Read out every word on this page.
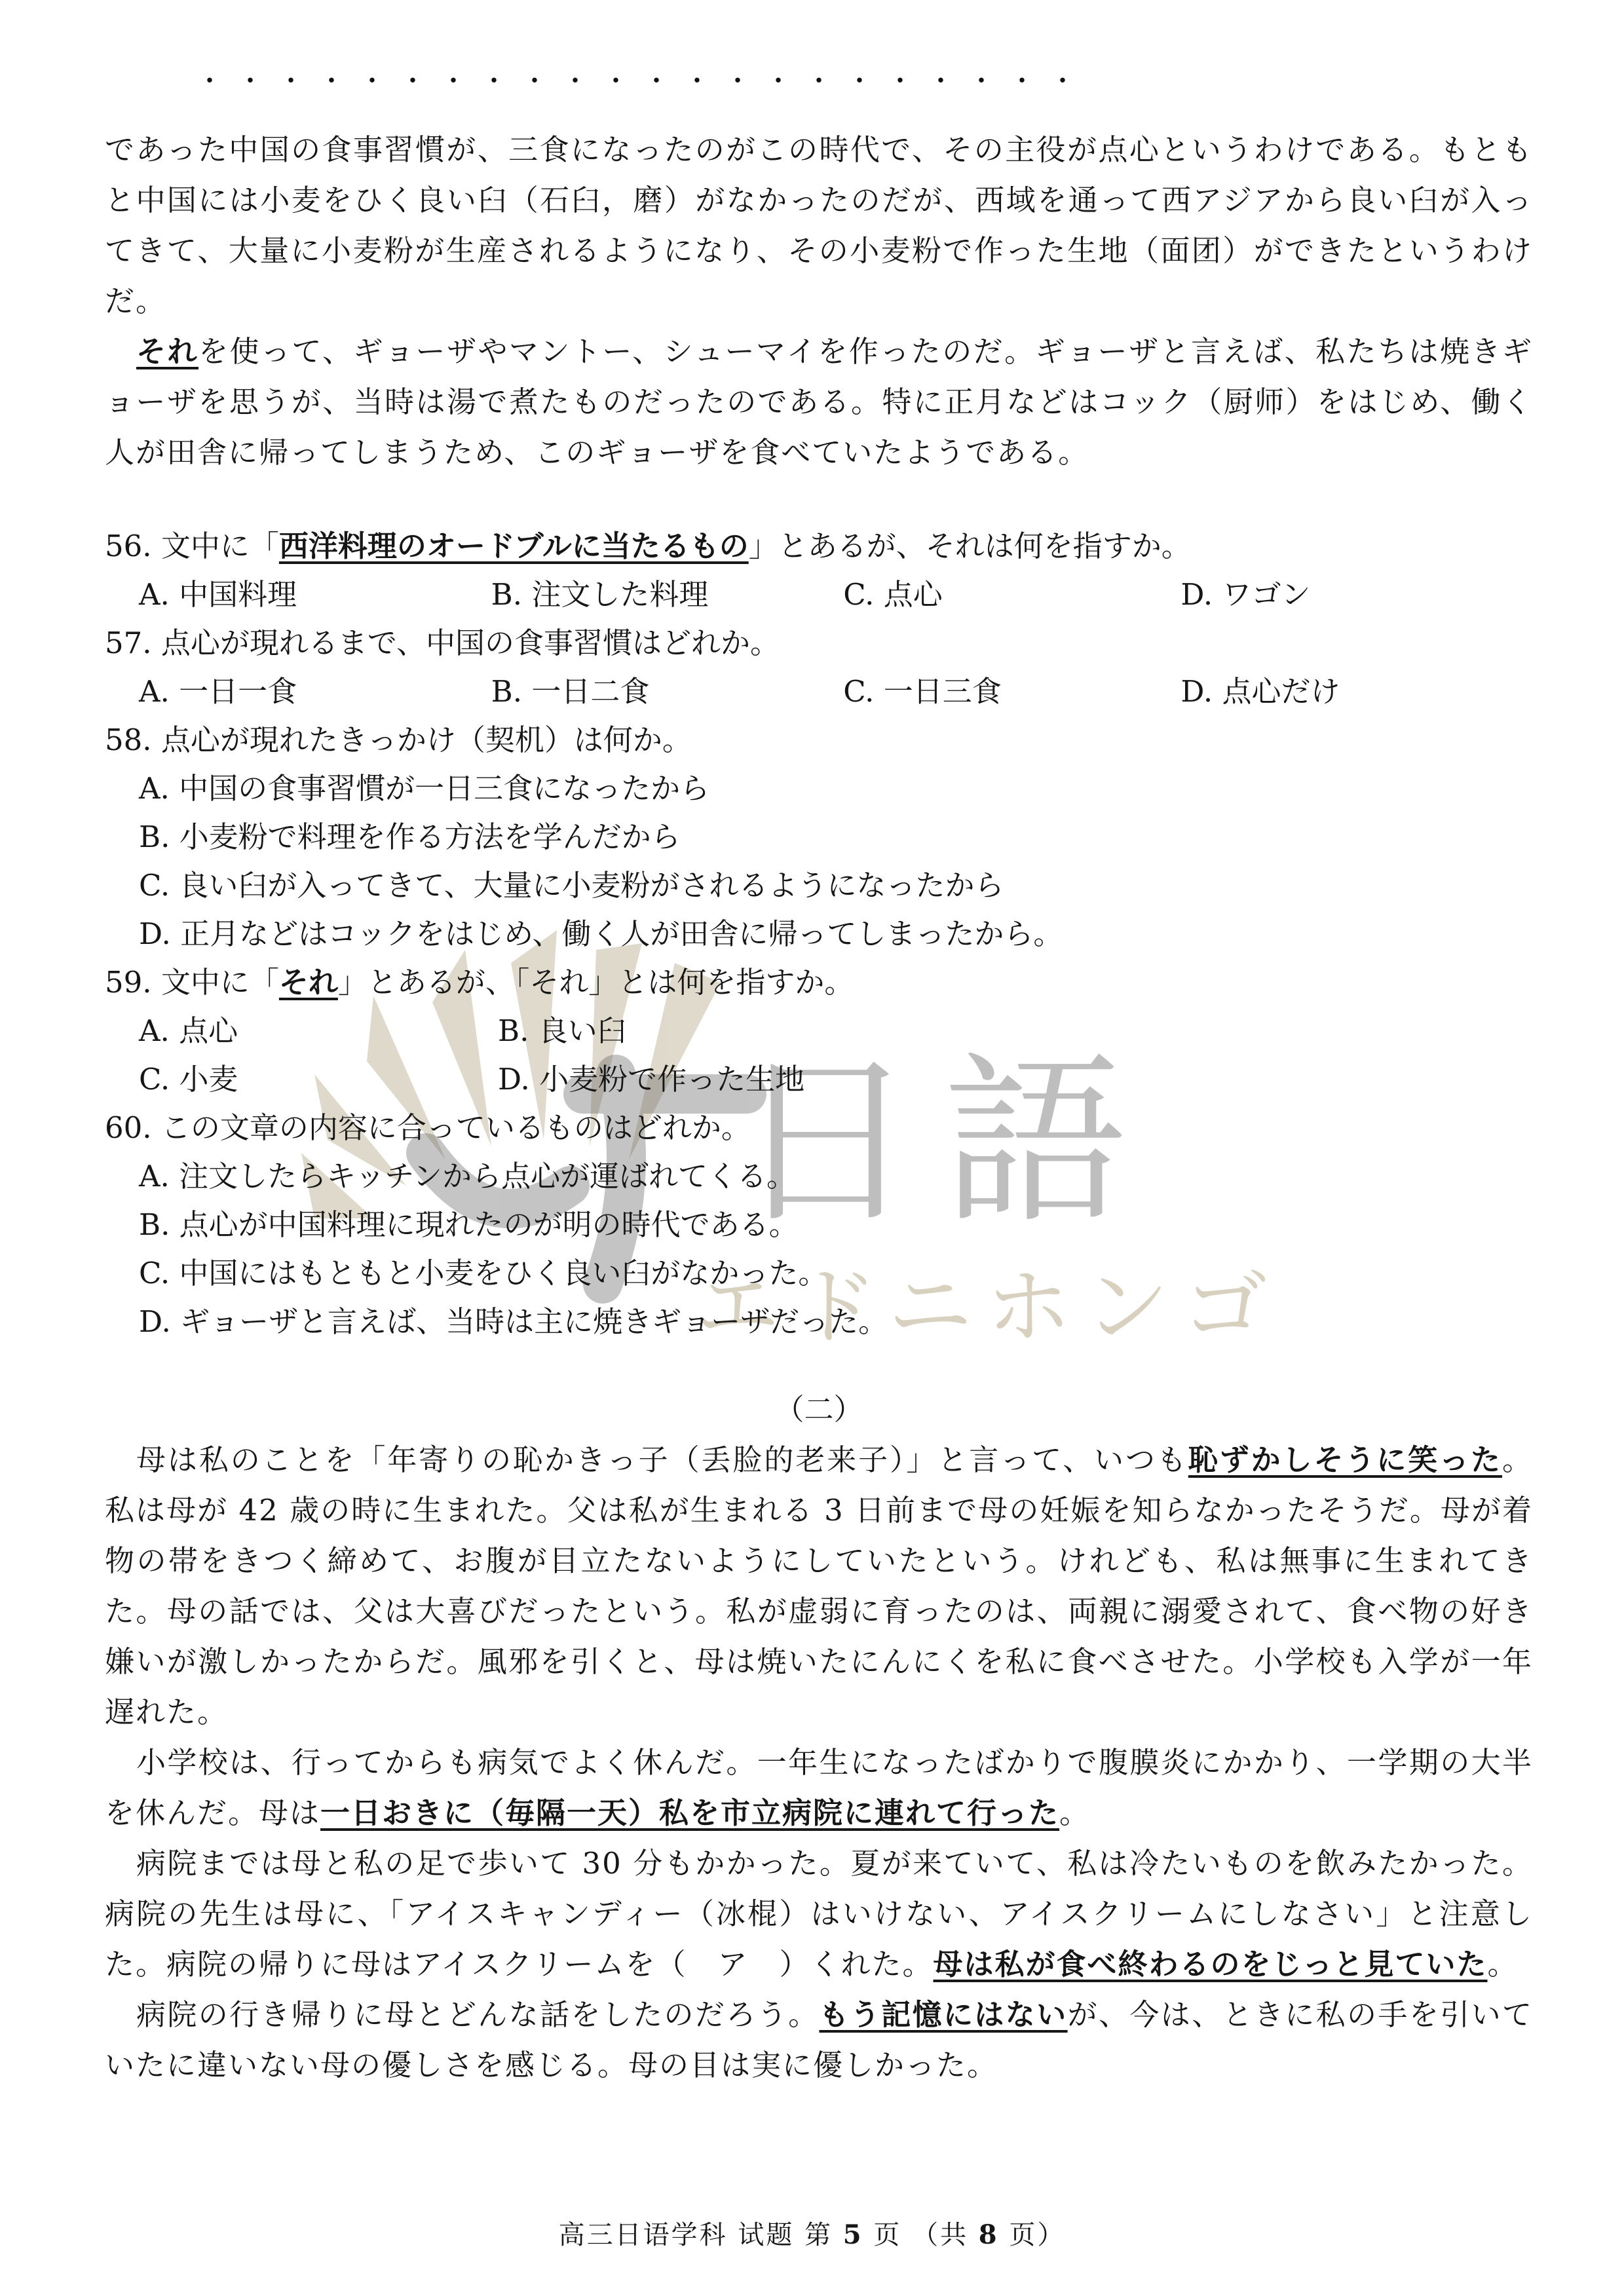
・・・・・・・・・・・・・・・・・・・・・・
日語
エドニホンゴ

であった中国の食事習慣が、三食になったのがこの時代で、その主役が点心というわけである。もともと中国には小麦をひく良い臼（石臼，磨）がなかったのだが、西域を通って西アジアから良い臼が入ってきて、大量に小麦粉が生産されるようになり、その小麦粉で作った生地（面团）ができたというわけだ。

それを使って、ギョーザやマントー、シューマイを作ったのだ。ギョーザと言えば、私たちは焼きギョーザを思うが、当時は湯で煮たものだったのである。特に正月などはコック（厨师）をはじめ、働く人が田舎に帰ってしまうため、このギョーザを食べていたようである。

56. 文中に「西洋料理のオードブルに当たるもの」とあるが、それは何を指すか。

A. 中国料理	B. 注文した料理	C. 点心	D. ワゴン

57. 点心が現れるまで、中国の食事習慣はどれか。

A. 一日一食	B. 一日二食	C. 一日三食	D. 点心だけ

58. 点心が現れたきっかけ（契机）は何か。

A. 中国の食事習慣が一日三食になったから
B. 小麦粉で料理を作る方法を学んだから
C. 良い臼が入ってきて、大量に小麦粉がされるようになったから
D. 正月などはコックをはじめ、働く人が田舎に帰ってしまったから。

59. 文中に「それ」とあるが、「それ」とは何を指すか。

A. 点心	B. 良い臼
C. 小麦	D. 小麦粉で作った生地

60. この文章の内容に合っているものはどれか。

A. 注文したらキッチンから点心が運ばれてくる。
B. 点心が中国料理に現れたのが明の時代である。
C. 中国にはもともと小麦をひく良い臼がなかった。
D. ギョーザと言えば、当時は主に焼きギョーザだった。
（二）

母は私のことを「年寄りの恥かきっ子（丢脸的老来子）」と言って、いつも恥ずかしそうに笑った。私は母が 42 歳の時に生まれた。父は私が生まれる 3 日前まで母の妊娠を知らなかったそうだ。母が着物の帯をきつく締めて、お腹が目立たないようにしていたという。けれども、私は無事に生まれてきた。母の話では、父は大喜びだったという。私が虚弱に育ったのは、両親に溺愛されて、食べ物の好き嫌いが激しかったからだ。風邪を引くと、母は焼いたにんにくを私に食べさせた。小学校も入学が一年遅れた。

小学校は、行ってからも病気でよく休んだ。一年生になったばかりで腹膜炎にかかり、一学期の大半を休んだ。母は一日おきに（毎隔一天）私を市立病院に連れて行った。

病院までは母と私の足で歩いて 30 分もかかった。夏が来ていて、私は冷たいものを飲みたかった。病院の先生は母に、「アイスキャンディー（冰棍）はいけない、アイスクリームにしなさい」と注意した。病院の帰りに母はアイスクリームを（　ア　）くれた。母は私が食べ終わるのをじっと見ていた。

病院の行き帰りに母とどんな話をしたのだろう。もう記憶にはないが、今は、ときに私の手を引いていたに違いない母の優しさを感じる。母の目は実に優しかった。

高三日语学科 试题 第 5 页 （共 8 页）
